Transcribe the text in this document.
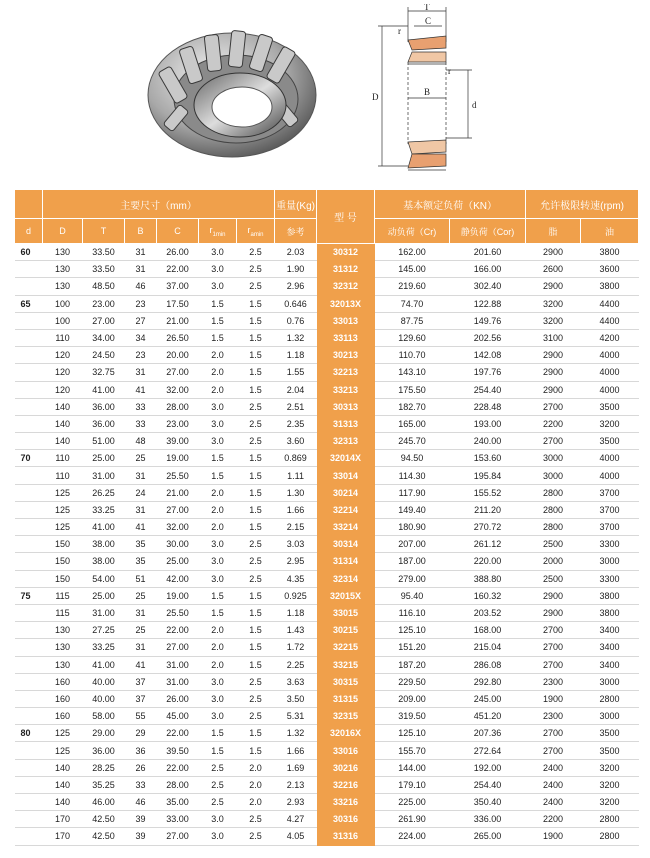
T
C
r
r
B
D
d
	主要尺寸（mm）						重量(Kg)	型 号	基本额定负荷（KN）		允许极限转速(rpm)	
d	D	T	B	C	$r_{1min}$	$r_{amin}$	参考		动负荷（Cr)	静负荷（Cor)	脂	油
60	130	33.50	31	26.00	3.0	2.5	2.03	30312	162.00	201.60	2900	3800
	130	33.50	31	22.00	3.0	2.5	1.90	31312	145.00	166.00	2600	3600
	130	48.50	46	37.00	3.0	2.5	2.96	32312	219.60	302.40	2900	3800
65	100	23.00	23	17.50	1.5	1.5	0.646	32013X	74.70	122.88	3200	4400
	100	27.00	27	21.00	1.5	1.5	0.76	33013	87.75	149.76	3200	4400
	110	34.00	34	26.50	1.5	1.5	1.32	33113	129.60	202.56	3100	4200
	120	24.50	23	20.00	2.0	1.5	1.18	30213	110.70	142.08	2900	4000
	120	32.75	31	27.00	2.0	1.5	1.55	32213	143.10	197.76	2900	4000
	120	41.00	41	32.00	2.0	1.5	2.04	33213	175.50	254.40	2900	4000
	140	36.00	33	28.00	3.0	2.5	2.51	30313	182.70	228.48	2700	3500
	140	36.00	33	23.00	3.0	2.5	2.35	31313	165.00	193.00	2200	3200
	140	51.00	48	39.00	3.0	2.5	3.60	32313	245.70	240.00	2700	3500
70	110	25.00	25	19.00	1.5	1.5	0.869	32014X	94.50	153.60	3000	4000
	110	31.00	31	25.50	1.5	1.5	1.11	33014	114.30	195.84	3000	4000
	125	26.25	24	21.00	2.0	1.5	1.30	30214	117.90	155.52	2800	3700
	125	33.25	31	27.00	2.0	1.5	1.66	32214	149.40	211.20	2800	3700
	125	41.00	41	32.00	2.0	1.5	2.15	33214	180.90	270.72	2800	3700
	150	38.00	35	30.00	3.0	2.5	3.03	30314	207.00	261.12	2500	3300
	150	38.00	35	25.00	3.0	2.5	2.95	31314	187.00	220.00	2000	3000
	150	54.00	51	42.00	3.0	2.5	4.35	32314	279.00	388.80	2500	3300
75	115	25.00	25	19.00	1.5	1.5	0.925	32015X	95.40	160.32	2900	3800
	115	31.00	31	25.50	1.5	1.5	1.18	33015	116.10	203.52	2900	3800
	130	27.25	25	22.00	2.0	1.5	1.43	30215	125.10	168.00	2700	3400
	130	33.25	31	27.00	2.0	1.5	1.72	32215	151.20	215.04	2700	3400
	130	41.00	41	31.00	2.0	1.5	2.25	33215	187.20	286.08	2700	3400
	160	40.00	37	31.00	3.0	2.5	3.63	30315	229.50	292.80	2300	3000
	160	40.00	37	26.00	3.0	2.5	3.50	31315	209.00	245.00	1900	2800
	160	58.00	55	45.00	3.0	2.5	5.31	32315	319.50	451.20	2300	3000
80	125	29.00	29	22.00	1.5	1.5	1.32	32016X	125.10	207.36	2700	3500
	125	36.00	36	39.50	1.5	1.5	1.66	33016	155.70	272.64	2700	3500
	140	28.25	26	22.00	2.5	2.0	1.69	30216	144.00	192.00	2400	3200
	140	35.25	33	28.00	2.5	2.0	2.13	32216	179.10	254.40	2400	3200
	140	46.00	46	35.00	2.5	2.0	2.93	33216	225.00	350.40	2400	3200
	170	42.50	39	33.00	3.0	2.5	4.27	30316	261.90	336.00	2200	2800
	170	42.50	39	27.00	3.0	2.5	4.05	31316	224.00	265.00	1900	2800
